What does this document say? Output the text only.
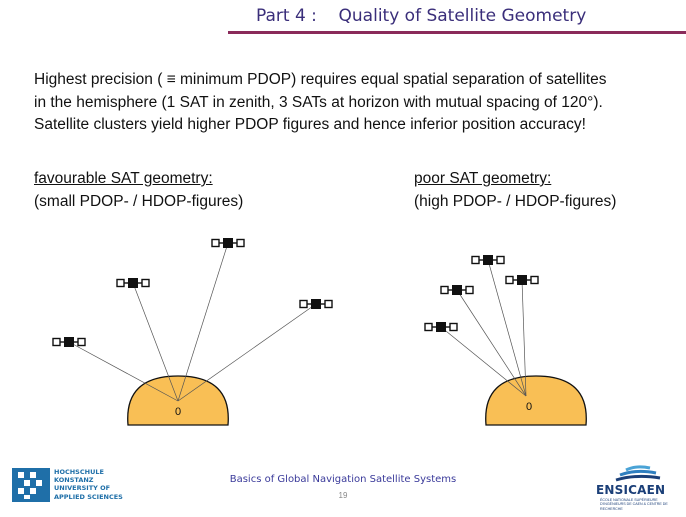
Part 4 :    Quality of Satellite Geometry
Highest precision ( ≡ minimum PDOP) requires equal spatial separation of satellites
in the hemisphere (1 SAT in zenith, 3 SATs at horizon with mutual spacing of 120°).
Satellite clusters yield higher PDOP figures and hence inferior position accuracy!
favourable SAT geometry:
(small PDOP- / HDOP-figures)
poor SAT geometry:
(high PDOP- / HDOP-figures)
0	0
HOCHSCHULE
KONSTANZ
UNIVERSITY OF
APPLIED SCIENCES
Basics of Global Navigation Satellite Systems
19	ENSICAEN
ÉCOLE NATIONALE SUPÉRIEURE D'INGÉNIEURS DE CAEN & CENTRE DE RECHERCHE
